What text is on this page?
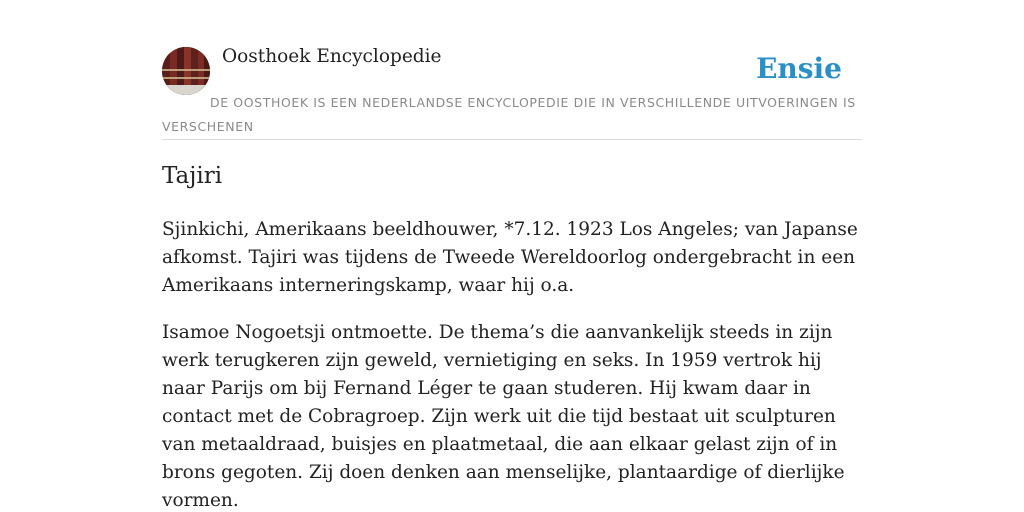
Oosthoek Encyclopedie	Ensie
DE OOSTHOEK IS EEN NEDERLANDSE ENCYCLOPEDIE DIE IN VERSCHILLENDE UITVOERINGEN IS VERSCHENEN
Tajiri

Sjinkichi, Amerikaans beeldhouwer, *7.12. 1923 Los Angeles; van Japanse afkomst. Tajiri was tijdens de Tweede Wereldoorlog ondergebracht in een Amerikaans interneringskamp, waar hij o.a.

Isamoe Nogoetsji ontmoette. De thema’s die aanvankelijk steeds in zijn werk terugkeren zijn geweld, vernietiging en seks. In 1959 vertrok hij naar Parijs om bij Fernand Léger te gaan studeren. Hij kwam daar in contact met de Cobragroep. Zijn werk uit die tijd bestaat uit sculpturen van metaaldraad, buisjes en plaatmetaal, die aan elkaar gelast zijn of in brons gegoten. Zij doen denken aan menselijke, plantaardige of dierlijke vormen.
